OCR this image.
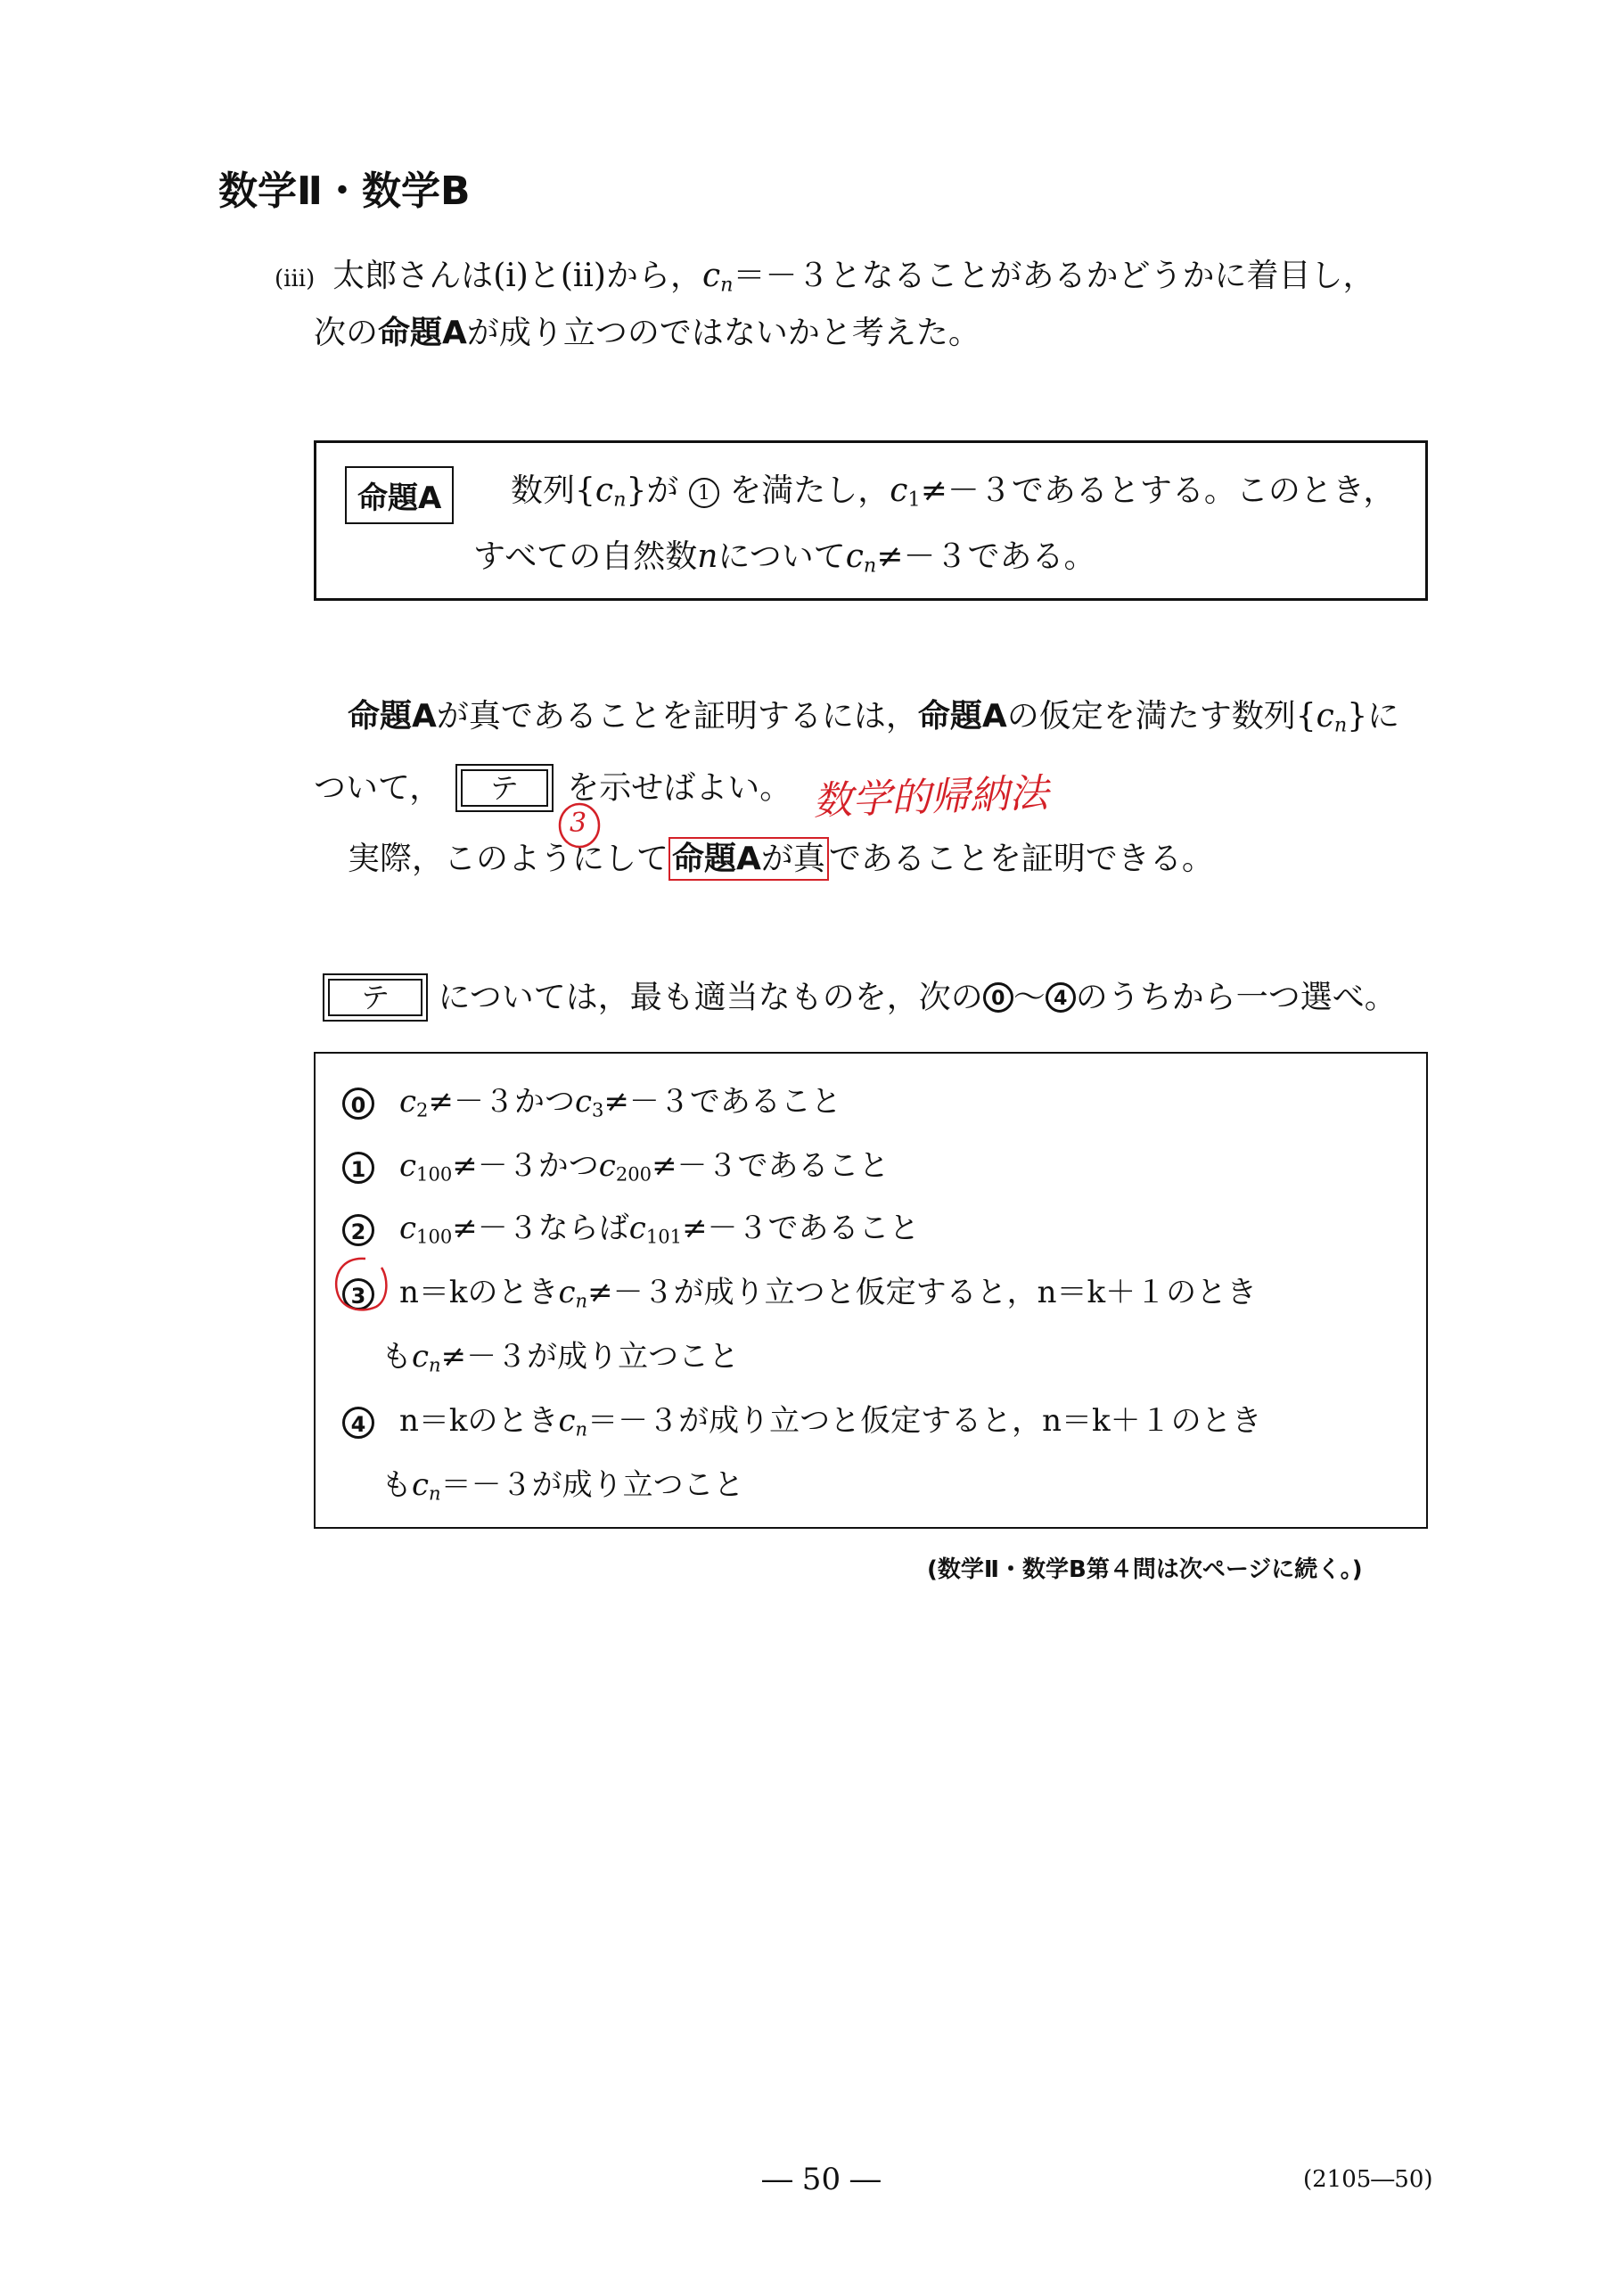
数学Ⅱ・数学B
(iii) 太郎さんは(i)と(ii)から，cn＝－３となることがあるかどうかに着目し，
次の命題Aが成り立つのではないかと考えた。
命題A	数列{cn}が 1 を満たし，$c_1\ne-3$であるとする。このとき，
すべての自然数nについてcn≠－３である。
命題Aが真であることを証明するには，命題Aの仮定を満たす数列{cn}に
ついて，	テ	を示せばよい。
実際，このようにして 命題Aが真 であることを証明できる。
3	数学的帰納法
テ	については，最も適当なものを，次の 0 ～ 4 のうちから一つ選べ。
0 $c_2\ne-3$かつ$c_3\ne-3$であること
1 $c_{100}\ne-3$かつ$c_{200}\ne-3$であること
2 $c_{100}\ne-3$ならば$c_{101}\ne-3$であること
3 n＝kのときcn≠－３が成り立つと仮定すると，n＝k＋１のとき
もcn≠－３が成り立つこと
4 n＝kのときcn＝－３が成り立つと仮定すると，n＝k＋１のとき
もcn＝－３が成り立つこと
(数学Ⅱ・数学B第４問は次ページに続く。)
― 50 ―	(2105―50)
